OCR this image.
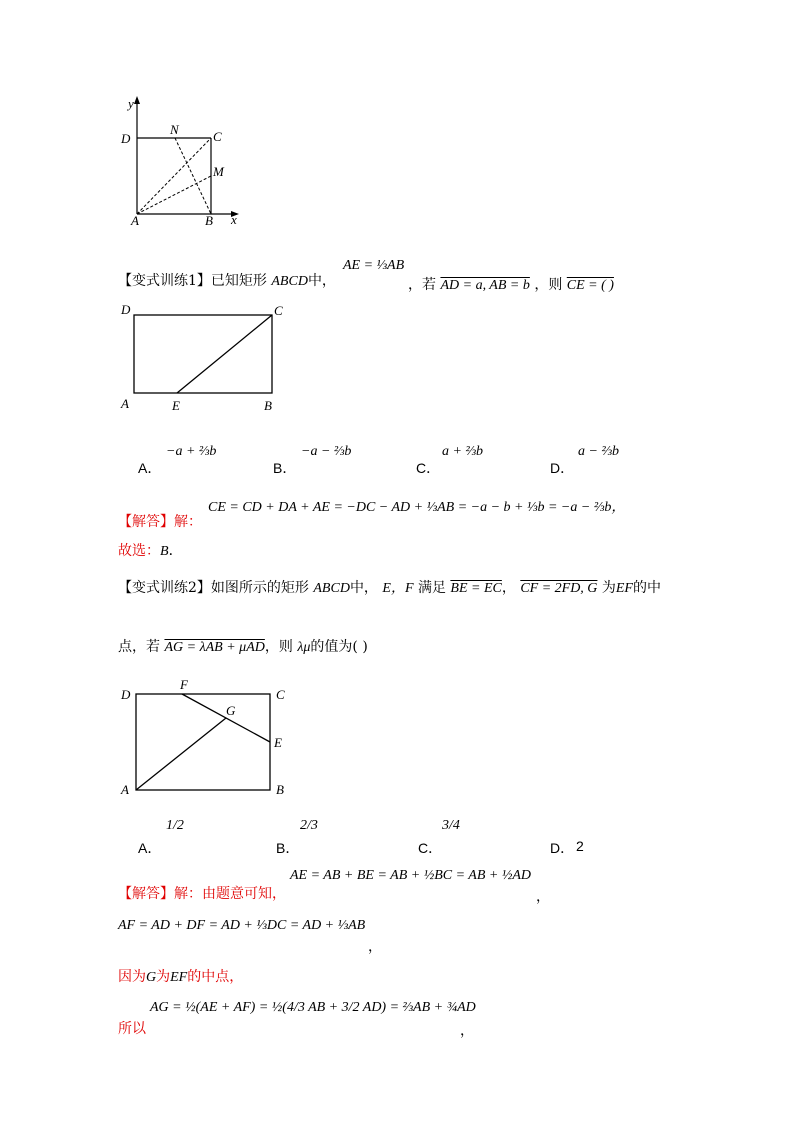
y
x
D	C
N
M
A	B
【变式训练1】已知矩形 ABCD中，
AE = ⅓AB
，若 AD = a, AB = b ，则 CE = ( )
D	C
A	E	B
A．
−a + ⅔b
B．
−a − ⅔b
C．
a + ⅔b
D．
a − ⅔b
【解答】解：
CE = CD + DA + AE = −DC − AD + ⅓AB = −a − b + ⅓b = −a − ⅔b，
故选：B．
【变式训练2】如图所示的矩形 ABCD中， E，F 满足 BE = EC， CF = 2FD, G 为EF的中
点，若 AG = λAB + μAD，则 λμ的值为( )
D
F
C
G
E
A	B
A．
1/2
B．
2/3
C．
3/4
D． 2
【解答】解：由题意可知，
AE = AB + BE = AB + ½BC = AB + ½AD
，
AF = AD + DF = AD + ⅓DC = AD + ⅓AB
，
因为G为EF的中点，
所以
AG = ½(AE + AF) = ½(4/3 AB + 3/2 AD) = ⅔AB + ¾AD
，
